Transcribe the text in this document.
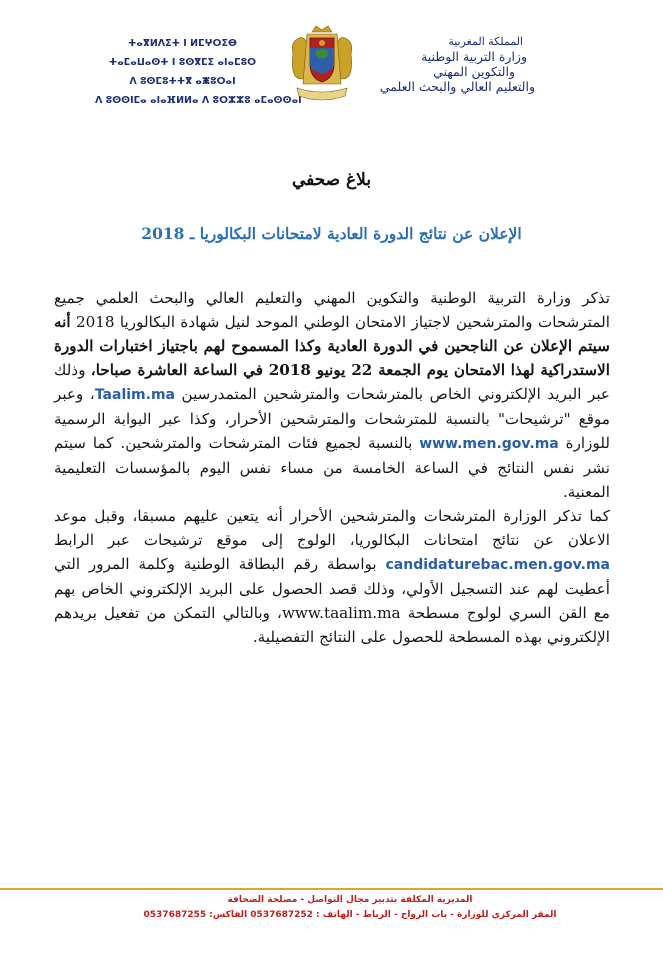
ⵜⴰⴳⵍⴷⵉⵜ ⵏ ⵍⵎⵖⵔⵉⴱ
ⵜⴰⵎⴰⵡⴰⵙⵜ ⵏ ⵓⵙⴳⵎⵉ ⴰⵏⴰⵎⵓⵔ
ⴷ ⵓⵙⵎⵓⵜⵜⴳ ⴰⵥⵓⵔⴰⵏ
ⴷ ⵓⵙⵙⵏⵎⴰ ⴰⵏⴰⴼⵍⵍⴰ ⴷ ⵓⵔⵣⵣⵓ ⴰⵎⴰⵙⵙⴰⵏ
المملكة المغربية
وزارة التربية الوطنية
والتكوين المهني
والتعليم العالي والبحث العلمي
بلاغ صحفي
الإعلان عن نتائج الدورة العادية لامتحانات البكالوريا ـ 2018

تذكر وزارة التربية الوطنية والتكوين المهني والتعليم العالي والبحث العلمي جميع المترشحات والمترشحين لاجتياز الامتحان الوطني الموحد لنيل شهادة البكالوريا 2018 أنه سيتم الإعلان عن الناجحين في الدورة العادية وكذا المسموح لهم باجتياز اختبارات الدورة الاستدراكية لهذا الامتحان يوم الجمعة 22 يونيو 2018 في الساعة العاشرة صباحا، وذلك عبر البريد الإلكتروني الخاص بالمترشحات والمترشحين المتمدرسين Taalim.ma، وعبر موقع "ترشيحات" بالنسبة للمترشحات والمترشحين الأحرار، وكذا عبر البوابة الرسمية للوزارة www.men.gov.ma بالنسبة لجميع فئات المترشحات والمترشحين. كما سيتم نشر نفس النتائج في الساعة الخامسة من مساء نفس اليوم بالمؤسسات التعليمية المعنية.

كما تذكر الوزارة المترشحات والمترشحين الأحرار أنه يتعين عليهم مسبقا، وقبل موعد الاعلان عن نتائج امتحانات البكالوريا، الولوج إلى موقع ترشيحات عبر الرابط candidaturebac.men.gov.ma بواسطة رقم البطاقة الوطنية وكلمة المرور التي أعطيت لهم عند التسجيل الأولي، وذلك قصد الحصول على البريد الإلكتروني الخاص بهم مع القن السري لولوج مسطحة www.taalim.ma، وبالتالي التمكن من تفعيل بريدهم الإلكتروني بهذه المسطحة للحصول على النتائج التفصيلية.

المديرية المكلفة بتدبير مجال التواصل - مصلحة الصحافة
المقر المركزي للوزارة - باب الرواح - الرباط - الهاتف : 0537687252 الفاكس: 0537687255
